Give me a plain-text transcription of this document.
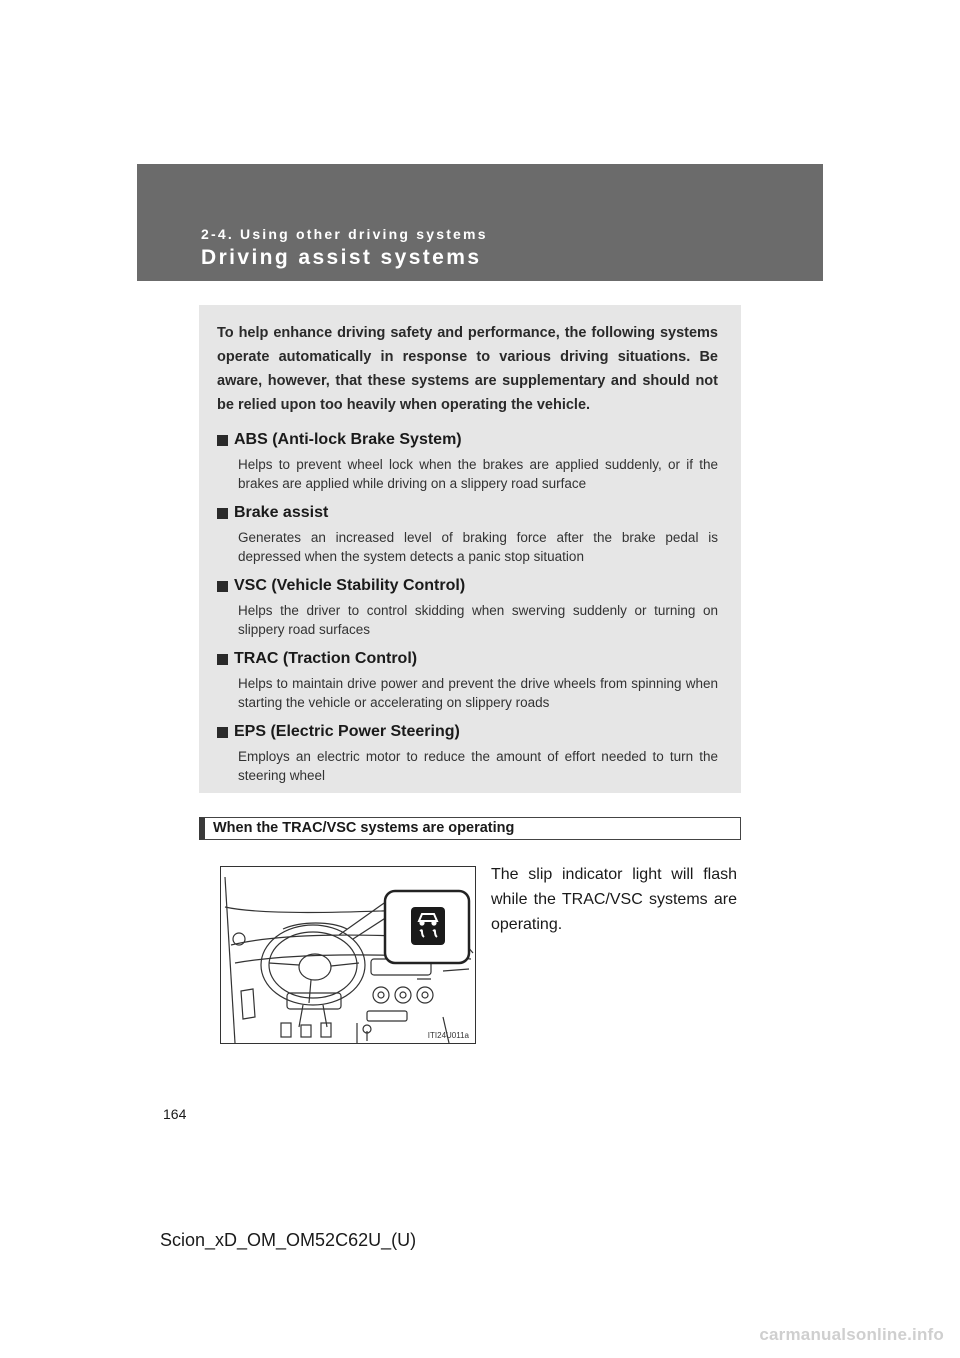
2-4. Using other driving systems
Driving assist systems

To help enhance driving safety and performance, the following systems operate automatically in response to various driving situations. Be aware, however, that these systems are supplementary and should not be relied upon too heavily when operating the vehicle.

ABS (Anti-lock Brake System)
Helps to prevent wheel lock when the brakes are applied suddenly, or if the brakes are applied while driving on a slippery road surface
Brake assist
Generates an increased level of braking force after the brake pedal is depressed when the system detects a panic stop situation
VSC (Vehicle Stability Control)
Helps the driver to control skidding when swerving suddenly or turning on slippery road surfaces
TRAC (Traction Control)
Helps to maintain drive power and prevent the drive wheels from spinning when starting the vehicle or accelerating on slippery roads
EPS (Electric Power Steering)
Employs an electric motor to reduce the amount of effort needed to turn the steering wheel
When the TRAC/VSC systems are operating
ITI24U011a
The slip indicator light will flash while the TRAC/VSC systems are operating.
164
Scion_xD_OM_OM52C62U_(U)
carmanualsonline.info
